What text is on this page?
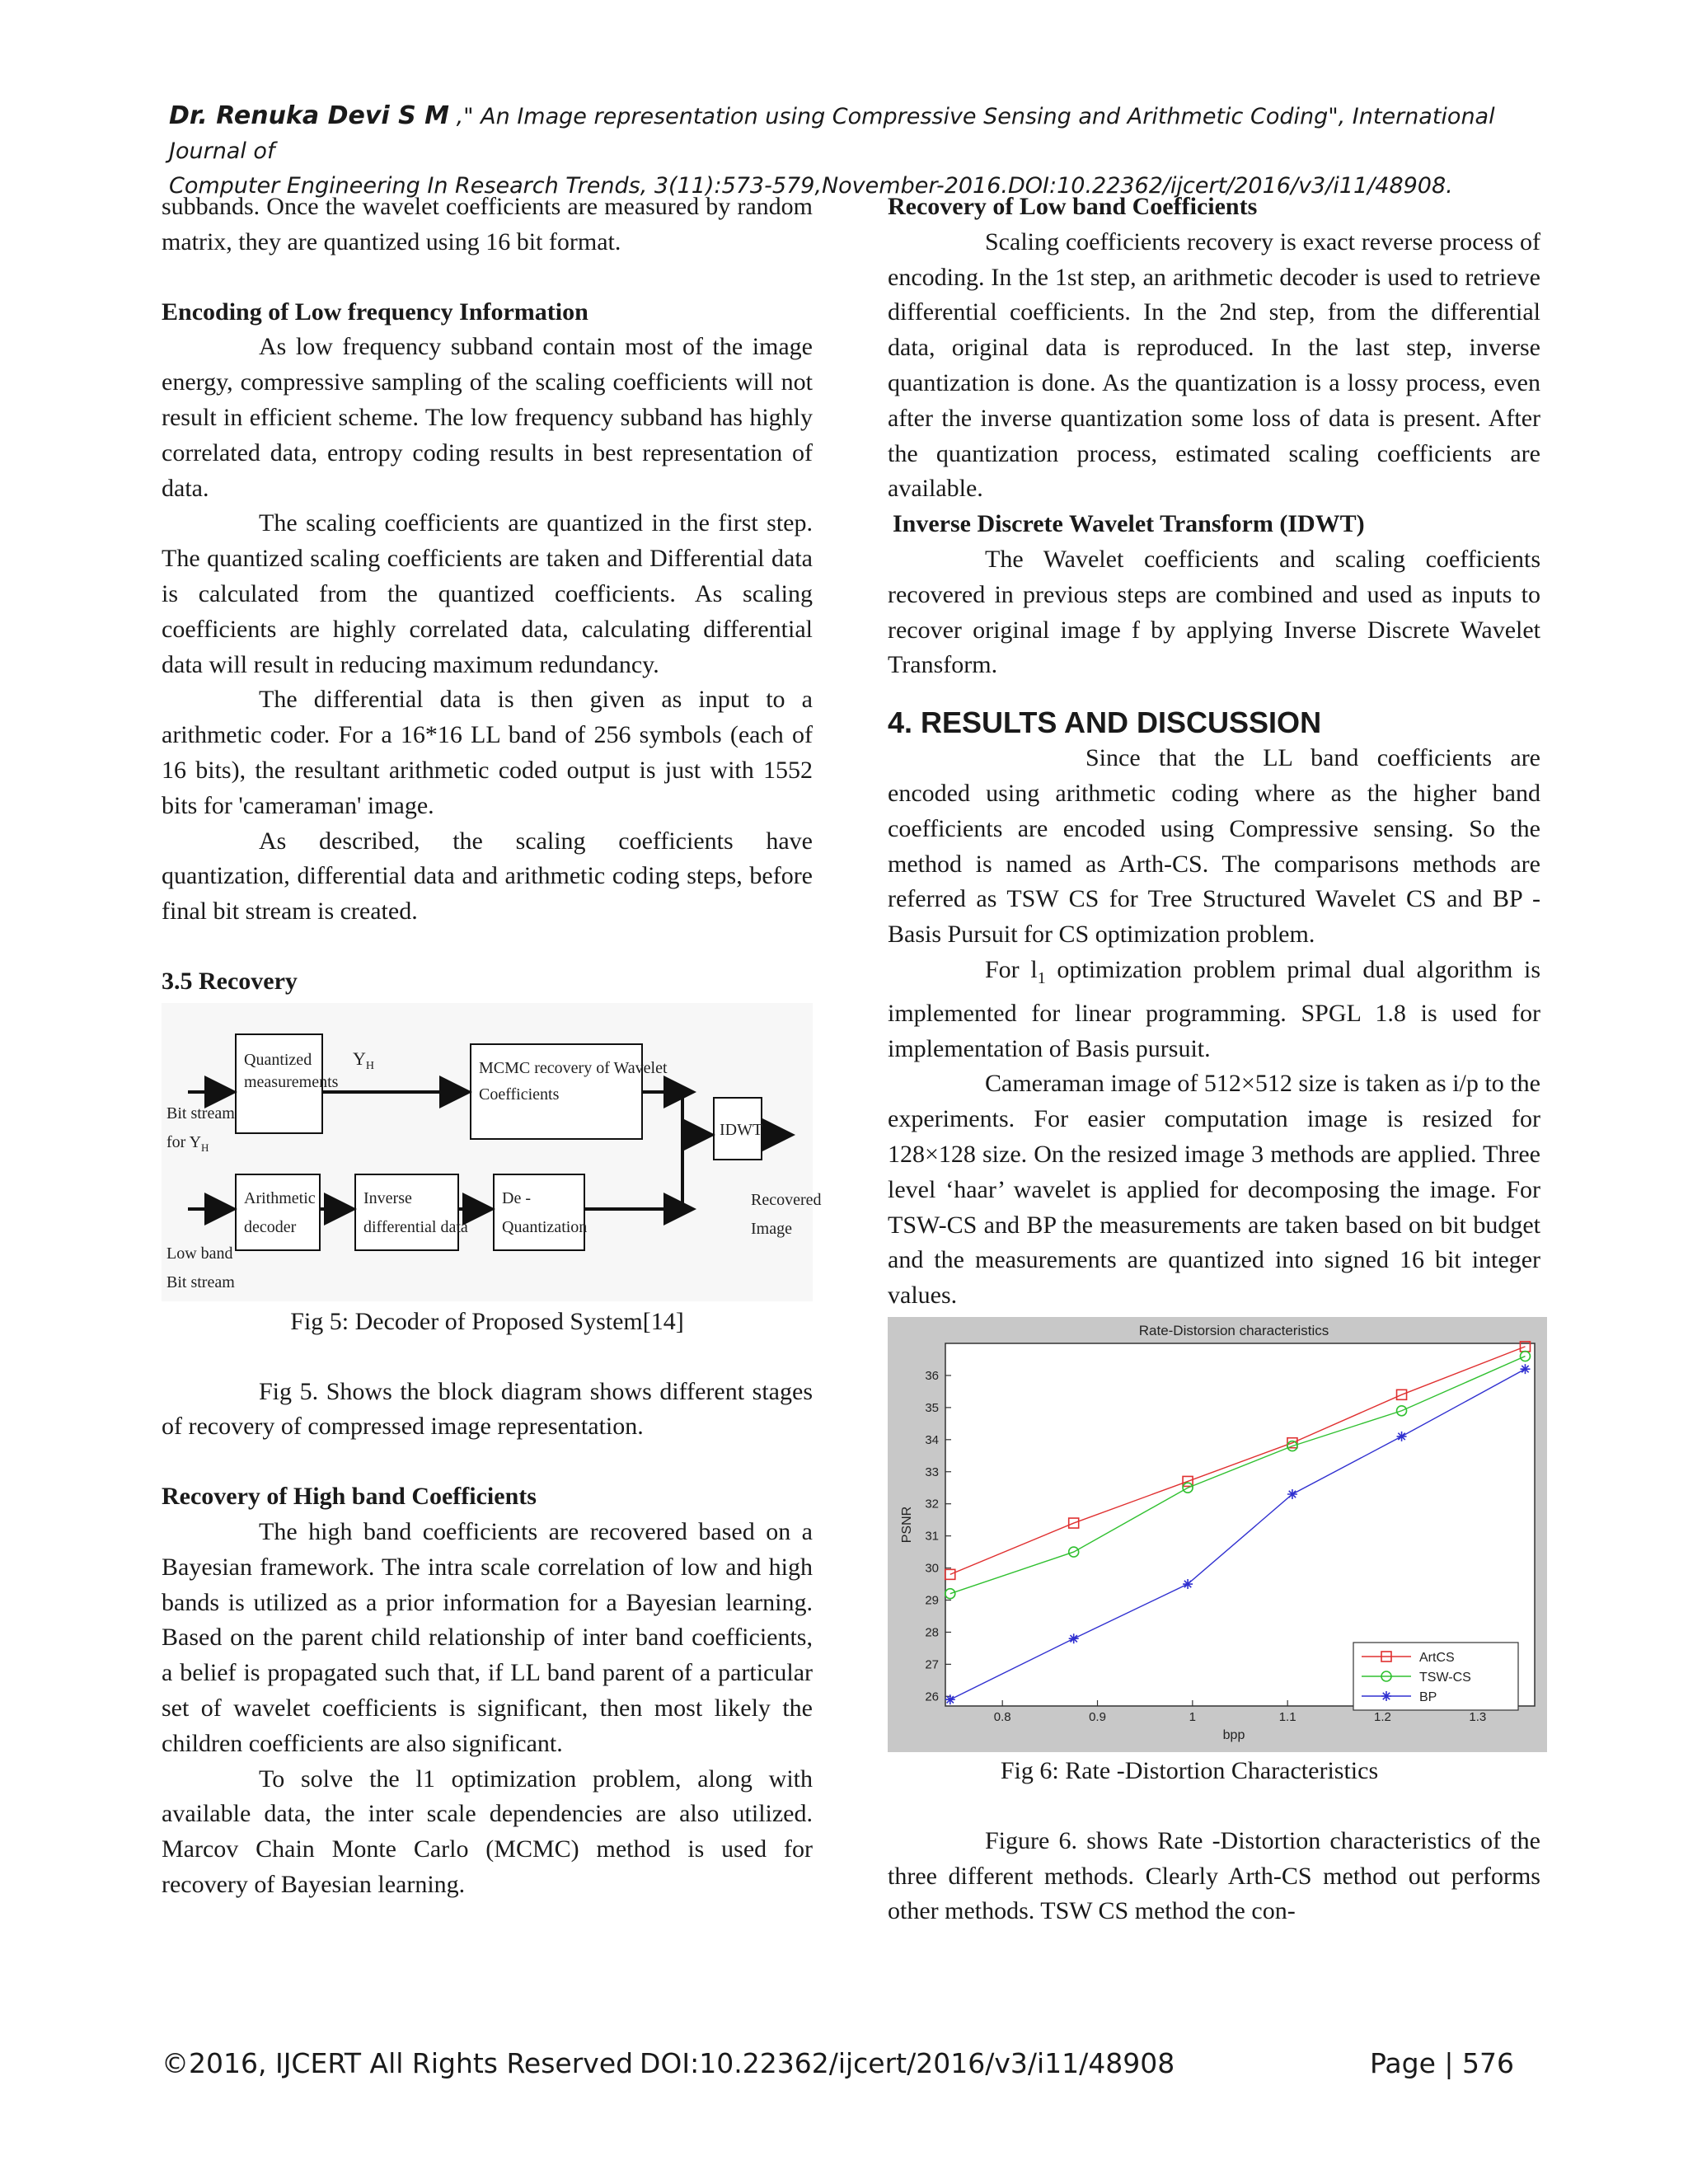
Dr. Renuka Devi S M ," An Image representation using Compressive Sensing and Arithmetic Coding", International Journal of
Computer Engineering In Research Trends, 3(11):573-579,November-2016.DOI:10.22362/ijcert/2016/v3/i11/48908.

subbands. Once the wavelet coefficients are measured by random matrix, they are quantized using 16 bit format.

Encoding of Low frequency Information

As low frequency subband contain most of the image energy, compressive sampling of the scaling coefficients will not result in efficient scheme. The low frequency subband has highly correlated data, entropy coding results in best representation of data.

The scaling coefficients are quantized in the first step. The quantized scaling coefficients are taken and Differential data is calculated from the quantized coefficients. As scaling coefficients are highly correlated data, calculating differential data will result in reducing maximum redundancy.

The differential data is then given as input to a arithmetic coder. For a 16*16 LL band of 256 symbols (each of 16 bits), the resultant arithmetic coded output is just with 1552 bits for 'cameraman' image.

As described, the scaling coefficients have quantization, differential data and arithmetic coding steps, before final bit stream is created.

3.5 Recovery
Quantized
measurements
$Y_H$	MCMC recovery of Wavelet
Coefficients
Bit stream
for $Y_H$
IDWT
Arithmetic
decoder
Inverse
differential data
De -
Quantization
Recovered
Image
Low band
Bit stream

Fig 5: Decoder of Proposed System[14]

Fig 5. Shows the block diagram shows different stages of recovery of compressed image representation.

Recovery of High band Coefficients

The high band coefficients are recovered based on a Bayesian framework. The intra scale correlation of low and high bands is utilized as a prior information for a Bayesian learning. Based on the parent child relationship of inter band coefficients, a belief is propagated such that, if LL band parent of a particular set of wavelet coefficients is significant, then most likely the children coefficients are also significant.

To solve the l1 optimization problem, along with available data, the inter scale dependencies are also utilized. Marcov Chain Monte Carlo (MCMC) method is used for recovery of Bayesian learning.

Recovery of Low band Coefficients

Scaling coefficients recovery is exact reverse process of encoding. In the 1st step, an arithmetic decoder is used to retrieve differential coefficients. In the 2nd step, from the differential data, original data is reproduced. In the last step, inverse quantization is done. As the quantization is a lossy process, even after the inverse quantization some loss of data is present. After the quantization process, estimated scaling coefficients are available.

Inverse Discrete Wavelet Transform (IDWT)

The Wavelet coefficients and scaling coefficients recovered in previous steps are combined and used as inputs to recover original image f by applying Inverse Discrete Wavelet Transform.

4. RESULTS AND DISCUSSION

Since that the LL band coefficients are encoded using arithmetic coding where as the higher band coefficients are encoded using Compressive sensing. So the method is named as Arth-CS. The comparisons methods are referred as TSW CS for Tree Structured Wavelet CS and BP - Basis Pursuit for CS optimization problem.

For $l_1$ optimization problem primal dual algorithm is implemented for linear programming. SPGL 1.8 is used for implementation of Basis pursuit.

Cameraman image of 512×512 size is taken as i/p to the experiments. For easier computation image is resized for 128×128 size. On the resized image 3 methods are applied. Three level ‘haar’ wavelet is applied for decomposing the image. For TSW-CS and BP the measurements are taken based on bit budget and the measurements are quantized into signed 16 bit integer values.

Rate-Distorsion characteristics
bpp
PSNR
0.8	0.9	1	1.1	1.2	1.3
26
27
28
29
30
31
32
33
34
35
36
ArtCS
TSW-CS
BP

Fig 6: Rate -Distortion Characteristics

Figure 6. shows Rate -Distortion characteristics of the three different methods. Clearly Arth-CS method out performs other methods. TSW CS method the con-

©2016, IJCERT All Rights Reserved DOI:10.22362/ijcert/2016/v3/i11/48908	Page | 576
